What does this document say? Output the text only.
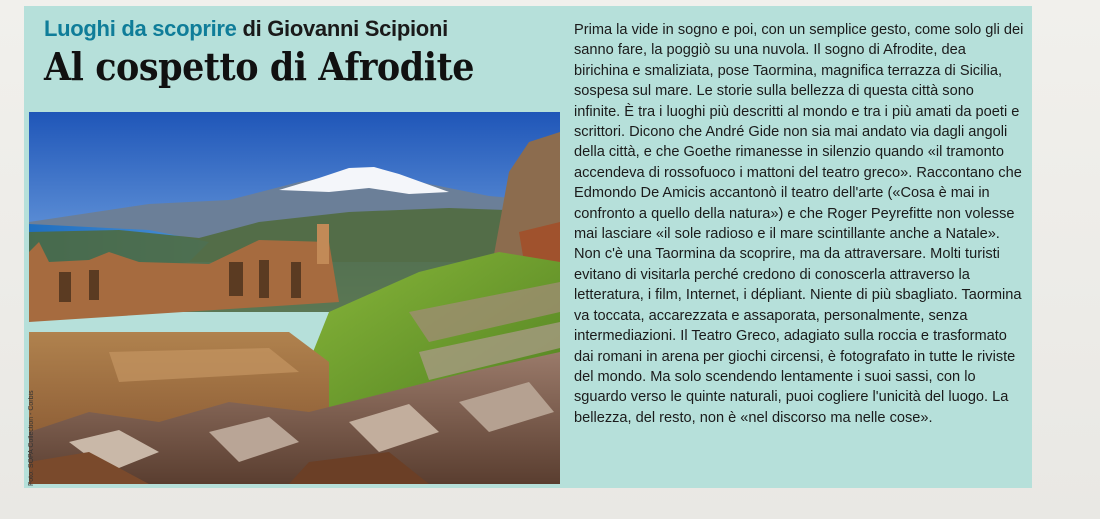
Luoghi da scoprire di Giovanni Scipioni
Al cospetto di Afrodite
Foto: SOPA Collection - Corbis
Prima la vide in sogno e poi, con un semplice gesto, come solo gli dei sanno fare, la poggiò su una nuvola. Il sogno di Afrodite, dea birichina e smaliziata, pose Taormina, magnifica terrazza di Sicilia, sospesa sul mare. Le storie sulla bellezza di questa città sono infinite. È tra i luoghi più descritti al mondo e tra i più amati da poeti e scrittori. Dicono che André Gide non sia mai andato via dagli angoli della città, e che Goethe rimanesse in silenzio quando «il tramonto accendeva di rossofuoco i mattoni del teatro greco». Raccontano che Edmondo De Amicis accantonò il teatro dell'arte («Cosa è mai in confronto a quello della natura») e che Roger Peyrefitte non volesse mai lasciare «il sole radioso e il mare scintillante anche a Natale». Non c'è una Taormina da scoprire, ma da attraversare. Molti turisti evitano di visitarla perché credono di conoscerla attraverso la letteratura, i film, Internet, i dépliant. Niente di più sbagliato. Taormina va toccata, accarezzata e assaporata, personalmente, senza intermediazioni. Il Teatro Greco, adagiato sulla roccia e trasformato dai romani in arena per giochi circensi, è fotografato in tutte le riviste del mondo. Ma solo scendendo lentamente i suoi sassi, con lo sguardo verso le quinte naturali, puoi cogliere l'unicità del luogo. La bellezza, del resto, non è «nel discorso ma nelle cose».
